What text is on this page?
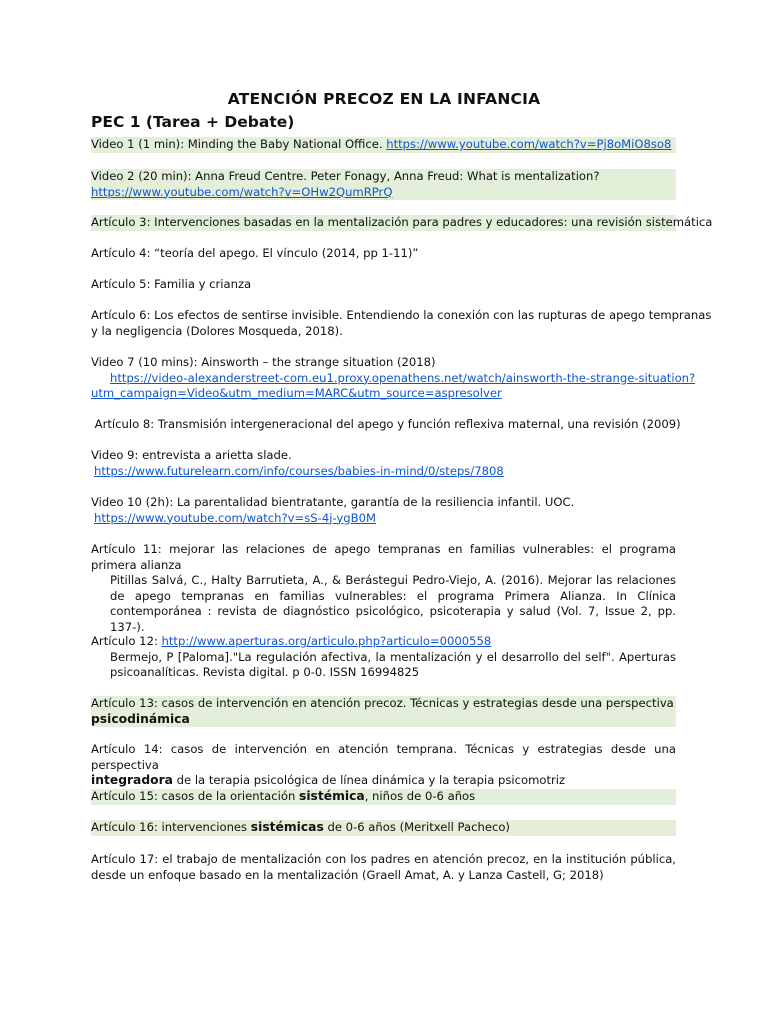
ATENCIÓN PRECOZ EN LA INFANCIA
PEC 1 (Tarea + Debate)
Video 1 (1 min): Minding the Baby National Office. https://www.youtube.com/watch?v=Pj8oMiO8so8
Video 2 (20 min): Anna Freud Centre. Peter Fonagy, Anna Freud: What is mentalization?
https://www.youtube.com/watch?v=OHw2QumRPrQ
Artículo 3: Intervenciones basadas en la mentalización para padres y educadores: una revisión sistemática
Artículo 4: “teoría del apego. El vínculo (2014, pp 1-11)”
Artículo 5: Familia y crianza
Artículo 6: Los efectos de sentirse invisible. Entendiendo la conexión con las rupturas de apego tempranas
y la negligencia (Dolores Mosqueda, 2018).
Video 7 (10 mins): Ainsworth – the strange situation (2018)
https://video-alexanderstreet-com.eu1.proxy.openathens.net/watch/ainsworth-the-strange-situation?
utm_campaign=Video&utm_medium=MARC&utm_source=aspresolver
Artículo 8: Transmisión intergeneracional del apego y función reflexiva maternal, una revisión (2009)
Video 9: entrevista a arietta slade.
https://www.futurelearn.com/info/courses/babies-in-mind/0/steps/7808
Video 10 (2h): La parentalidad bientratante, garantía de la resiliencia infantil. UOC.
https://www.youtube.com/watch?v=sS-4j-ygB0M
Artículo 11: mejorar las relaciones de apego tempranas en familias vulnerables: el programa primera alianza
Pitillas Salvá, C., Halty Barrutieta, A., & Berástegui Pedro-Viejo, A. (2016). Mejorar las relaciones de apego tempranas en familias vulnerables: el programa Primera Alianza. In Clínica contemporánea : revista de diagnóstico psicológico, psicoterapia y salud (Vol. 7, Issue 2, pp. 137-).
Artículo 12: http://www.aperturas.org/articulo.php?articulo=0000558
Bermejo, P [Paloma]."La regulación afectiva, la mentalización y el desarrollo del self". Aperturas psicoanalíticas. Revista digital. p 0-0. ISSN 16994825
Artículo 13: casos de intervención en atención precoz. Técnicas y estrategias desde una perspectiva
psicodinámica
Artículo 14: casos de intervención en atención temprana. Técnicas y estrategias desde una perspectiva
integradora de la terapia psicológica de línea dinámica y la terapia psicomotriz
Artículo 15: casos de la orientación sistémica, niños de 0-6 años
Artículo 16: intervenciones sistémicas de 0-6 años (Meritxell Pacheco)
Artículo 17: el trabajo de mentalización con los padres en atención precoz, en la institución pública, desde un enfoque basado en la mentalización (Graell Amat, A. y Lanza Castell, G; 2018)
